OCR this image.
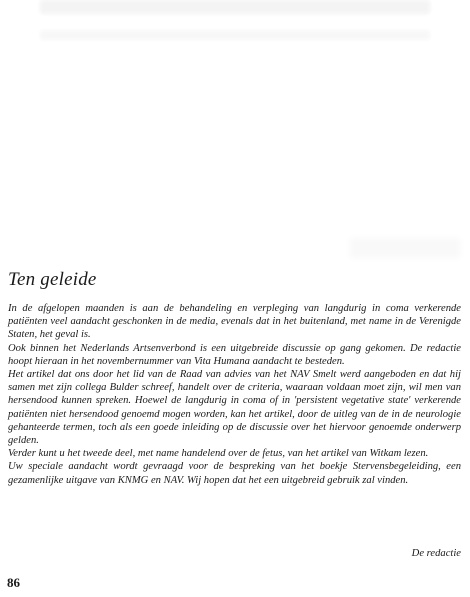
Ten geleide

In de afgelopen maanden is aan de behandeling en verpleging van langdurig in coma verkerende patiënten veel aandacht geschonken in de media, evenals dat in het buitenland, met name in de Verenigde Staten, het geval is.

Ook binnen het Nederlands Artsenverbond is een uitgebreide discussie op gang gekomen. De redactie hoopt hieraan in het novembernummer van Vita Humana aandacht te besteden.

Het artikel dat ons door het lid van de Raad van advies van het NAV Smelt werd aangeboden en dat hij samen met zijn collega Bulder schreef, handelt over de criteria, waaraan voldaan moet zijn, wil men van hersendood kunnen spreken. Hoewel de langdurig in coma of in 'persistent vegetative state' verkerende patiënten niet hersendood genoemd mogen worden, kan het artikel, door de uitleg van de in de neurologie gehanteerde termen, toch als een goede inleiding op de discussie over het hiervoor genoemde onderwerp gelden.

Verder kunt u het tweede deel, met name handelend over de fetus, van het artikel van Witkam lezen.

Uw speciale aandacht wordt gevraagd voor de bespreking van het boekje Stervensbegeleiding, een gezamenlijke uitgave van KNMG en NAV. Wij hopen dat het een uitgebreid gebruik zal vinden.

De redactie
86
